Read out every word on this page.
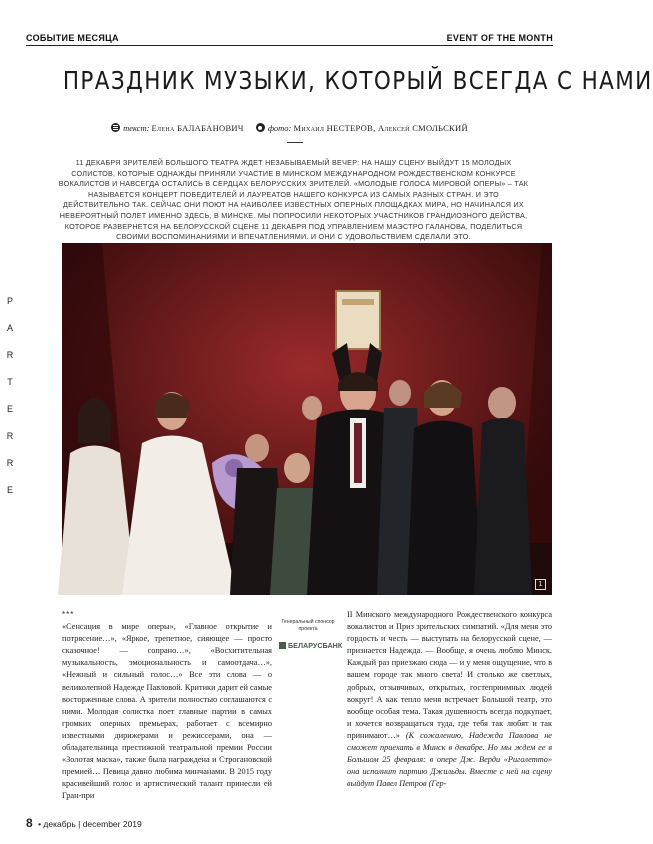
СОБЫТИЕ МЕСЯЦА	EVENT OF THE MONTH
ПРАЗДНИК МУЗЫКИ, КОТОРЫЙ ВСЕГДА С НАМИ
текст: Елена БАЛАБАНОВИЧ	фото: Михаил НЕСТЕРОВ, Алексей СМОЛЬСКИЙ
11 ДЕКАБРЯ ЗРИТЕЛЕЙ БОЛЬШОГО ТЕАТРА ЖДЕТ НЕЗАБЫВАЕМЫЙ ВЕЧЕР: НА НАШУ СЦЕНУ ВЫЙДУТ 15 МОЛОДЫХ СОЛИСТОВ, КОТОРЫЕ ОДНАЖДЫ ПРИНЯЛИ УЧАСТИЕ В МИНСКОМ МЕЖДУНАРОДНОМ РОЖДЕСТВЕНСКОМ КОНКУРСЕ ВОКАЛИСТОВ И НАВСЕГДА ОСТАЛИСЬ В СЕРДЦАХ БЕЛОРУССКИХ ЗРИТЕЛЕЙ. «МОЛОДЫЕ ГОЛОСА МИРОВОЙ ОПЕРЫ» – ТАК НАЗЫВАЕТСЯ КОНЦЕРТ ПОБЕДИТЕЛЕЙ И ЛАУРЕАТОВ НАШЕГО КОНКУРСА ИЗ САМЫХ РАЗНЫХ СТРАН. И ЭТО ДЕЙСТВИТЕЛЬНО ТАК. СЕЙЧАС ОНИ ПОЮТ НА НАИБОЛЕЕ ИЗВЕСТНЫХ ОПЕРНЫХ ПЛОЩАДКАХ МИРА, НО НАЧИНАЛСЯ ИХ НЕВЕРОЯТНЫЙ ПОЛЕТ ИМЕННО ЗДЕСЬ, В МИНСКЕ. МЫ ПОПРОСИЛИ НЕКОТОРЫХ УЧАСТНИКОВ ГРАНДИОЗНОГО ДЕЙСТВА, КОТОРОЕ РАЗВЕРНЕТСЯ НА БЕЛОРУССКОЙ СЦЕНЕ 11 ДЕКАБРЯ ПОД УПРАВЛЕНИЕМ МАЭСТРО ГАЛАНОВА, ПОДЕЛИТЬСЯ СВОИМИ ВОСПОМИНАНИЯМИ И ВПЕЧАТЛЕНИЯМИ. И ОНИ С УДОВОЛЬСТВИЕМ СДЕЛАЛИ ЭТО.
P
A
R
T
E
R
R
E
1

***

«Сенсация в мире оперы», «Главное открытие и потрясение…», «Яркое, трепетное, сияющее — просто сказочное! — сопрано…», «Восхитительная музыкальность, эмоциональность и самоотдача…», «Нежный и сильный голос…» Все эти слова — о великолепной Надежде Павловой. Критики дарит ей самые восторженные слова. А зрители полностью соглашаются с ними. Молодая солистка поет главные партии в самых громких оперных премьерах, работает с всемирно известными дирижерами и режиссерами, она — обладательница престижной театральной премии России «Золотая маска», также была награждена и Строгановской премией… Певица давно любима минчанами. В 2015 году красивейший голос и артистический талант принесли ей Гран-при

Генеральный спонсор проекта
БЕЛАРУСБАНК

II Минского международного Рождественского конкурса вокалистов и Приз зрительских симпатий. «Для меня это гордость и честь — выступать на белорусской сцене, — признается Надежда. — Вообще, я очень люблю Минск. Каждый раз приезжаю сюда — и у меня ощущение, что в вашем городе так много света! И столько же светлых, добрых, отзывчивых, открытых, гостеприимных людей вокруг! А как тепло меня встречает Большой театр, это вообще особая тема. Такая душевность всегда подкупает, и хочется возвращаться туда, где тебя так любят и так принимают…» (К сожалению, Надежда Павлова не сможет приехать в Минск в декабре. Но мы ждем ее в Большом 25 февраля: в опере Дж. Верди «Риголетто» она исполнит партию Джильды. Вместе с ней на сцену выйдут Павел Петров (Гер-

8 • декабрь | december 2019
